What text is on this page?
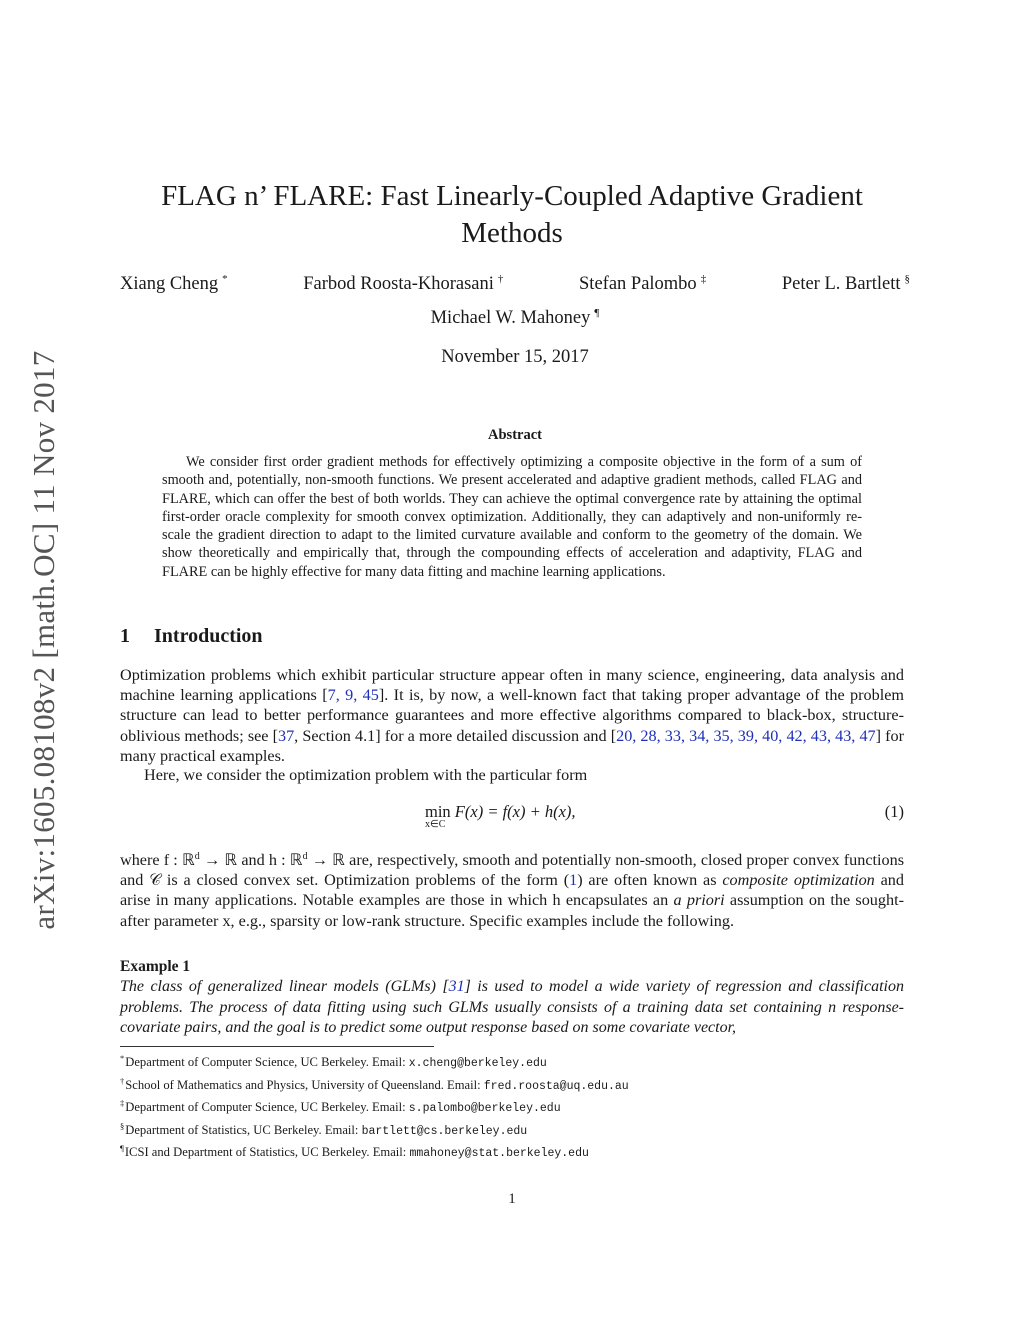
arXiv:1605.08108v2 [math.OC] 11 Nov 2017
FLAG n’ FLARE: Fast Linearly-Coupled Adaptive Gradient Methods
Xiang Cheng *	Farbod Roosta-Khorasani †	Stefan Palombo ‡	Peter L. Bartlett §
Michael W. Mahoney ¶
November 15, 2017
Abstract
We consider first order gradient methods for effectively optimizing a composite objective in the form of a sum of smooth and, potentially, non-smooth functions. We present accelerated and adaptive gradient methods, called FLAG and FLARE, which can offer the best of both worlds. They can achieve the optimal convergence rate by attaining the optimal first-order oracle complexity for smooth convex optimization. Additionally, they can adaptively and non-uniformly re-scale the gradient direction to adapt to the limited curvature available and conform to the geometry of the domain. We show theoretically and empirically that, through the compounding effects of acceleration and adaptivity, FLAG and FLARE can be highly effective for many data fitting and machine learning applications.
1 Introduction
Optimization problems which exhibit particular structure appear often in many science, engineering, data analysis and machine learning applications [7, 9, 45]. It is, by now, a well-known fact that taking proper advantage of the problem structure can lead to better performance guarantees and more effective algorithms compared to black-box, structure-oblivious methods; see [37, Section 4.1] for a more detailed discussion and [20, 28, 33, 34, 35, 39, 40, 42, 43, 43, 47] for many practical examples.
Here, we consider the optimization problem with the particular form
min F(x) = f(x) + h(x),
x∈C
(1)
where f : ℝ$^d$ → ℝ and h : ℝ$^d$ → ℝ are, respectively, smooth and potentially non-smooth, closed proper convex functions and 𝒞 is a closed convex set. Optimization problems of the form (1) are often known as composite optimization and arise in many applications. Notable examples are those in which h encapsulates an a priori assumption on the sought-after parameter x, e.g., sparsity or low-rank structure. Specific examples include the following.
Example 1
The class of generalized linear models (GLMs) [31] is used to model a wide variety of regression and classification problems. The process of data fitting using such GLMs usually consists of a training data set containing n response-covariate pairs, and the goal is to predict some output response based on some covariate vector,
*Department of Computer Science, UC Berkeley. Email: x.cheng@berkeley.edu
†School of Mathematics and Physics, University of Queensland. Email: fred.roosta@uq.edu.au
‡Department of Computer Science, UC Berkeley. Email: s.palombo@berkeley.edu
§Department of Statistics, UC Berkeley. Email: bartlett@cs.berkeley.edu
¶ICSI and Department of Statistics, UC Berkeley. Email: mmahoney@stat.berkeley.edu
1
